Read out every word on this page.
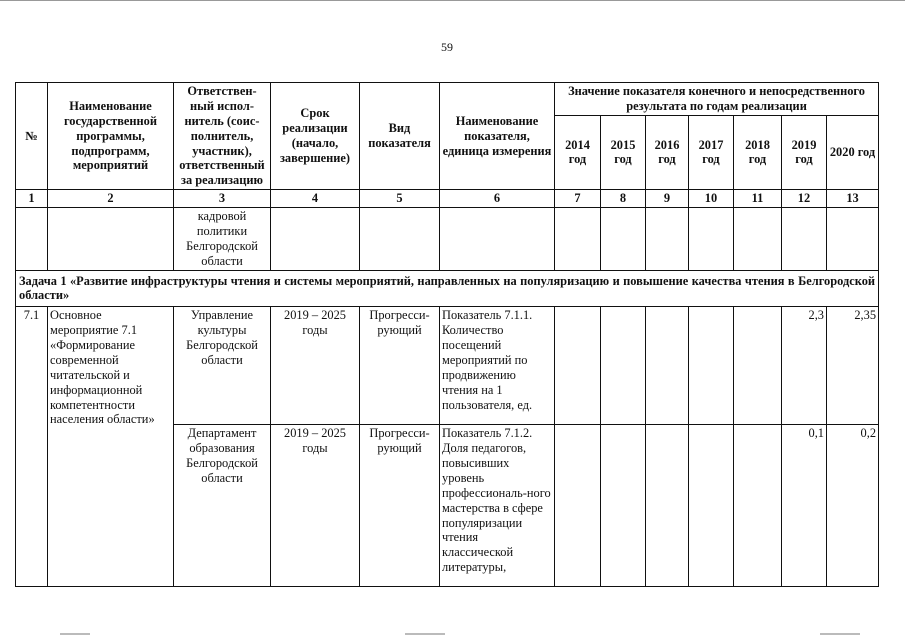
59
№	Наименование государственной программы, подпрограмм, мероприятий	Ответствен-ный испол-нитель (соис-полнитель, участник), ответственный за реализацию	Срок реализации (начало, завершение)	Вид показателя	Наименование показателя, единица измерения	Значение показателя конечного и непосредственного результата по годам реализации						
						2014 год	2015 год	2016 год	2017 год	2018 год	2019 год	2020 год
1	2	3	4	5	6	7	8	9	10	11	12	13
		кадровой политики Белгородской области										
Задача 1 «Развитие инфраструктуры чтения и системы мероприятий, направленных на популяризацию и повышение качества чтения в Белгородской области»												
7.1	Основное мероприятие 7.1 «Формирование современной читательской и информационной компетентности населения области»	Управление культуры Белгородской области	2019 – 2025 годы	Прогресси-рующий	Показатель 7.1.1. Количество посещений мероприятий по продвижению чтения на 1 пользователя, ед.						2,3	2,35
		Департамент образования Белгородской области	2019 – 2025 годы	Прогресси-рующий	Показатель 7.1.2. Доля педагогов, повысивших уровень профессиональ-ного мастерства в сфере популяризации чтения классической литературы,						0,1	0,2
